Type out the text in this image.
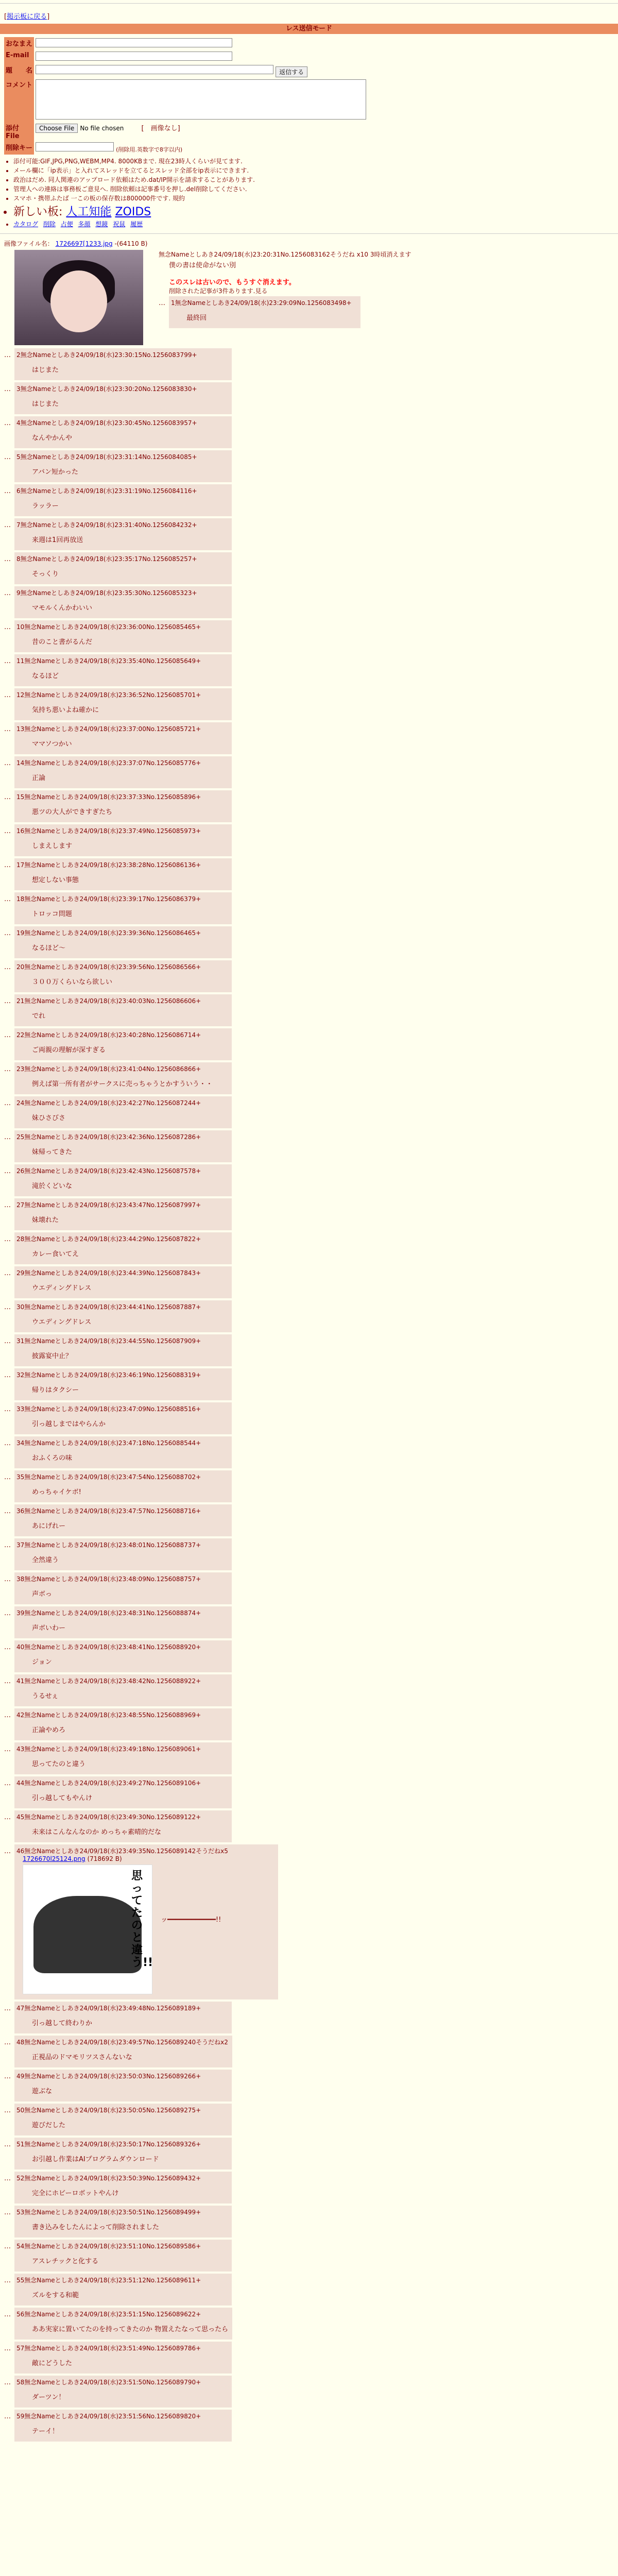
[掲示板に戻る]
レス送信モード
おなまえ	
E-mail	
題　　名	返信する
コメント	

添付File	Choose File No file chosen [　画像なし]
削除キー	(削除用.英数字で8字以内)
• 添付可能:GIF,JPG,PNG,WEBM,MP4. 8000KBまで. 現在23時人くらいが見てます.
• メール欄に「ip表示」と入れてスレッドを立てるとスレッド全部をip表示にできます.
• 政治はだめ. 同人関連のアップロード依頼はため.dat/IP開示を請求することがあります.
• 管理人への連絡は事務板ご意見へ. 削除依頼は記事番号を押し.del削除してください.
• スマホ・携帯ふたば 一この板の保存数は800000件です. 規約
• 新しい板: 人工知能 ZOIDS
• カタログ 削除 占便 多顔 想鏡 祝鼠 履歴
画像ファイル名： 1726697[1233.jpg -(64110 B)
無念Nameとしあき24/09/18(水)23:20:31No.1256083162そうだね x10 3時頃消えます

僕の書は使命がない別

このスレは古いので、もうすぐ消えます。
削除された記事が3件あります.見る
… 1無念Nameとしあき24/09/18(水)23:29:09No.1256083498+
最終回
… 2無念Nameとしあき24/09/18(水)23:30:15No.1256083799+
はじまた
… 3無念Nameとしあき24/09/18(水)23:30:20No.1256083830+
はじまた
… 4無念Nameとしあき24/09/18(水)23:30:45No.1256083957+
なんやかんや
… 5無念Nameとしあき24/09/18(水)23:31:14No.1256084085+
アバン短かった
… 6無念Nameとしあき24/09/18(水)23:31:19No.1256084116+
ラッラー
… 7無念Nameとしあき24/09/18(水)23:31:40No.1256084232+
来週は1回再放送
… 8無念Nameとしあき24/09/18(水)23:35:17No.1256085257+
そっくり
… 9無念Nameとしあき24/09/18(水)23:35:30No.1256085323+
マモルくんかわいい
… 10無念Nameとしあき24/09/18(水)23:36:00No.1256085465+
昔のこと書がるんだ
… 11無念Nameとしあき24/09/18(水)23:35:40No.1256085649+
なるほど
… 12無念Nameとしあき24/09/18(水)23:36:52No.1256085701+
気持ち悪いよね確かに
… 13無念Nameとしあき24/09/18(水)23:37:00No.1256085721+
ママソつかい
… 14無念Nameとしあき24/09/18(水)23:37:07No.1256085776+
正論
… 15無念Nameとしあき24/09/18(水)23:37:33No.1256085896+
悪ツの大人ができすぎたち
… 16無念Nameとしあき24/09/18(水)23:37:49No.1256085973+
しまえします
… 17無念Nameとしあき24/09/18(水)23:38:28No.1256086136+
想定しない事態
… 18無念Nameとしあき24/09/18(水)23:39:17No.1256086379+
トロッコ問題
… 19無念Nameとしあき24/09/18(水)23:39:36No.1256086465+
なるほど〜
… 20無念Nameとしあき24/09/18(水)23:39:56No.1256086566+
３００万くらいなら欲しい
… 21無念Nameとしあき24/09/18(水)23:40:03No.1256086606+
でれ
… 22無念Nameとしあき24/09/18(水)23:40:28No.1256086714+
ご両親の理解が深すぎる
… 23無念Nameとしあき24/09/18(水)23:41:04No.1256086866+
例えば第一所有者がサークスに売っちゃうとかすういう・・
… 24無念Nameとしあき24/09/18(水)23:42:27No.1256087244+
妹ひさびさ
… 25無念Nameとしあき24/09/18(水)23:42:36No.1256087286+
妹帰ってきた
… 26無念Nameとしあき24/09/18(水)23:42:43No.1256087578+
滝於くどいな
… 27無念Nameとしあき24/09/18(水)23:43:47No.1256087997+
妹壊れた
… 28無念Nameとしあき24/09/18(水)23:44:29No.1256087822+
カレー食いてえ
… 29無念Nameとしあき24/09/18(水)23:44:39No.1256087843+
ウエディングドレス
… 30無念Nameとしあき24/09/18(水)23:44:41No.1256087887+
ウエディングドレス
… 31無念Nameとしあき24/09/18(水)23:44:55No.1256087909+
披露宴中止？
… 32無念Nameとしあき24/09/18(水)23:46:19No.1256088319+
帰りはタクシー
… 33無念Nameとしあき24/09/18(水)23:47:09No.1256088516+
引っ越しまではやらんか
… 34無念Nameとしあき24/09/18(水)23:47:18No.1256088544+
おふくろの味
… 35無念Nameとしあき24/09/18(水)23:47:54No.1256088702+
めっちゃイケボ!
… 36無念Nameとしあき24/09/18(水)23:47:57No.1256088716+
あにげれー
… 37無念Nameとしあき24/09/18(水)23:48:01No.1256088737+
全然違う
… 38無念Nameとしあき24/09/18(水)23:48:09No.1256088757+
声ボっ
… 39無念Nameとしあき24/09/18(水)23:48:31No.1256088874+
声ボいわー
… 40無念Nameとしあき24/09/18(水)23:48:41No.1256088920+
ジョン
… 41無念Nameとしあき24/09/18(水)23:48:42No.1256088922+
うるせぇ
… 42無念Nameとしあき24/09/18(水)23:48:55No.1256088969+
正論やめろ
… 43無念Nameとしあき24/09/18(水)23:49:18No.1256089061+
思ってたのと違う
… 44無念Nameとしあき24/09/18(水)23:49:27No.1256089106+
引っ越してもやんけ
… 45無念Nameとしあき24/09/18(水)23:49:30No.1256089122+
未来はこんなんなのか めっちゃ素晴的だな
… 46無念Nameとしあき24/09/18(水)23:49:35No.1256089142そうだねx5
1726670l25124.png (718692 B)
思ってたのと違う!!
ッ━━━━━━━━━━━━!!
… 47無念Nameとしあき24/09/18(水)23:49:48No.1256089189+
引っ越して終わりか
… 48無念Nameとしあき24/09/18(水)23:49:57No.1256089240そうだねx2
正視品のドマモリツスさんないな
… 49無念Nameとしあき24/09/18(水)23:50:03No.1256089266+
遊ぶな
… 50無念Nameとしあき24/09/18(水)23:50:05No.1256089275+
遊びだした
… 51無念Nameとしあき24/09/18(水)23:50:17No.1256089326+
お引越し作業はAIプログラムダウンロード
… 52無念Nameとしあき24/09/18(水)23:50:39No.1256089432+
完全にホビーロボットやんけ
… 53無念Nameとしあき24/09/18(水)23:50:51No.1256089499+
書き込みをしたんによって削除されました
… 54無念Nameとしあき24/09/18(水)23:51:10No.1256089586+
アスレチックと化する
… 55無念Nameとしあき24/09/18(水)23:51:12No.1256089611+
ズルをする和範
… 56無念Nameとしあき24/09/18(水)23:51:15No.1256089622+
ああ実家に置いてたのを持ってきたのか 物置えたなって思ったら
… 57無念Nameとしあき24/09/18(水)23:51:49No.1256089786+
敵にどうした
… 58無念Nameとしあき24/09/18(水)23:51:50No.1256089790+
ダーツン！
… 59無念Nameとしあき24/09/18(水)23:51:56No.1256089820+
テーイ！
